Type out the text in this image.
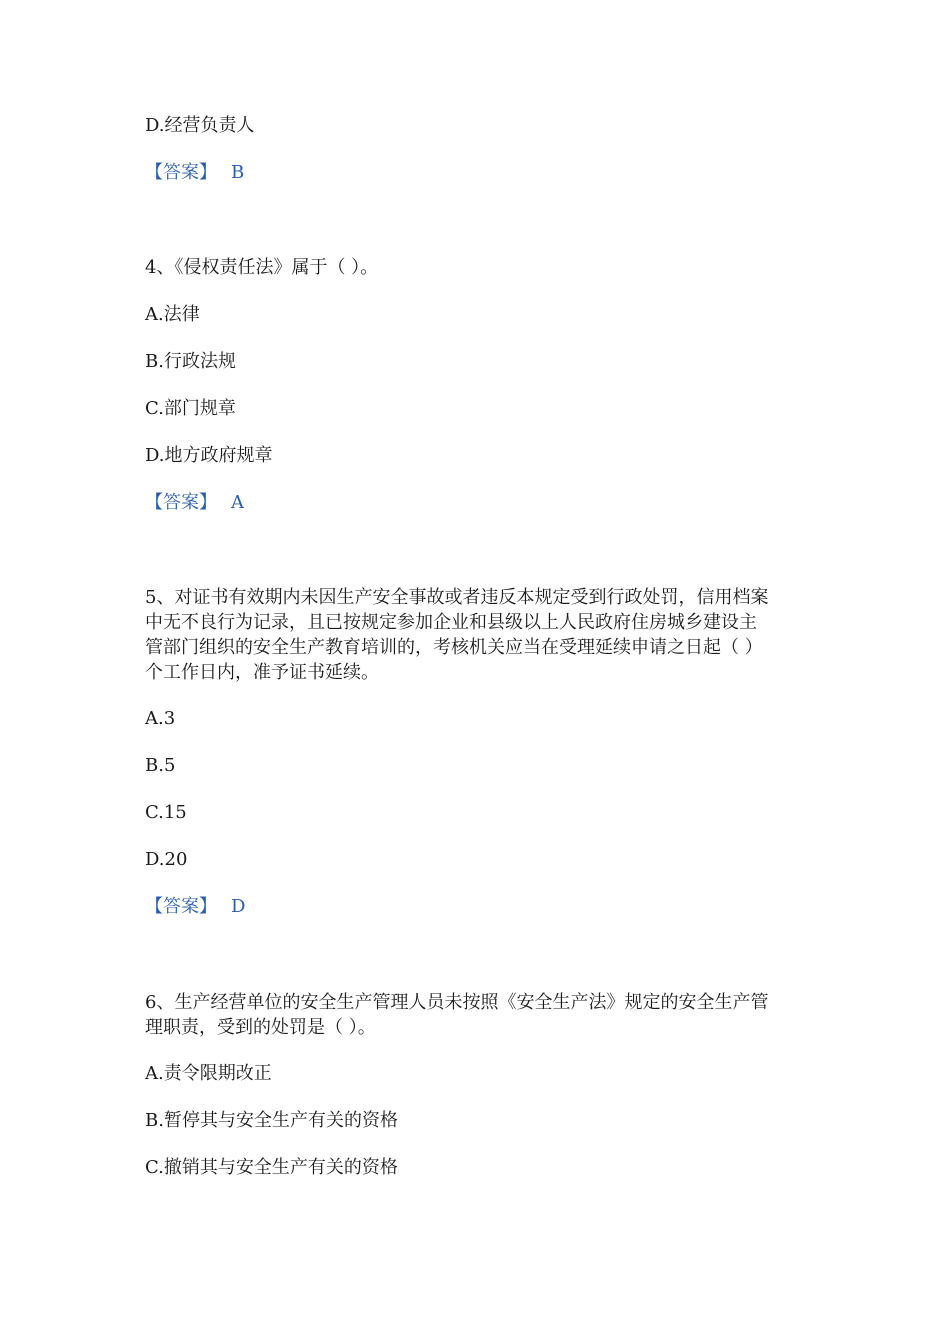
D.经营负责人
【答案】 B
4、《侵权责任法》属于（ ）。
A.法律
B.行政法规
C.部门规章
D.地方政府规章
【答案】 A
5、对证书有效期内未因生产安全事故或者违反本规定受到行政处罚，信用档案
中无不良行为记录，且已按规定参加企业和县级以上人民政府住房城乡建设主
管部门组织的安全生产教育培训的，考核机关应当在受理延续申请之日起（ ）
个工作日内，准予证书延续。
A.3
B.5
C.15
D.20
【答案】 D
6、生产经营单位的安全生产管理人员未按照《安全生产法》规定的安全生产管
理职责，受到的处罚是（ ）。
A.责令限期改正
B.暂停其与安全生产有关的资格
C.撤销其与安全生产有关的资格
